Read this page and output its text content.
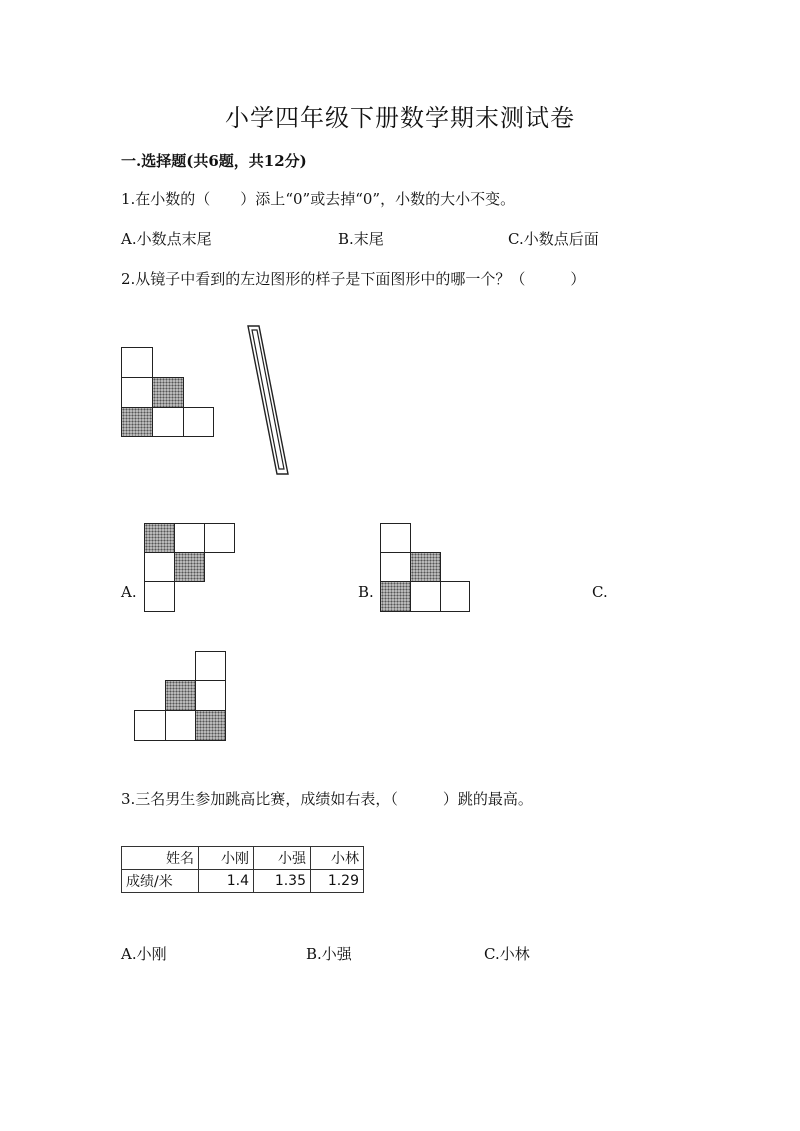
小学四年级下册数学期末测试卷
一.选择题(共6题，共12分)
1.在小数的（　　）添上“0”或去掉“0”，小数的大小不变。
A.小数点末尾	B.末尾	C.小数点后面
2.从镜子中看到的左边图形的样子是下面图形中的哪一个？（　　　）
A.	B.	C.
3.三名男生参加跳高比赛，成绩如右表，（　　　）跳的最高。
姓名	小刚	小强	小林
成绩/米	1.4	1.35	1.29
A.小刚	B.小强	C.小林
